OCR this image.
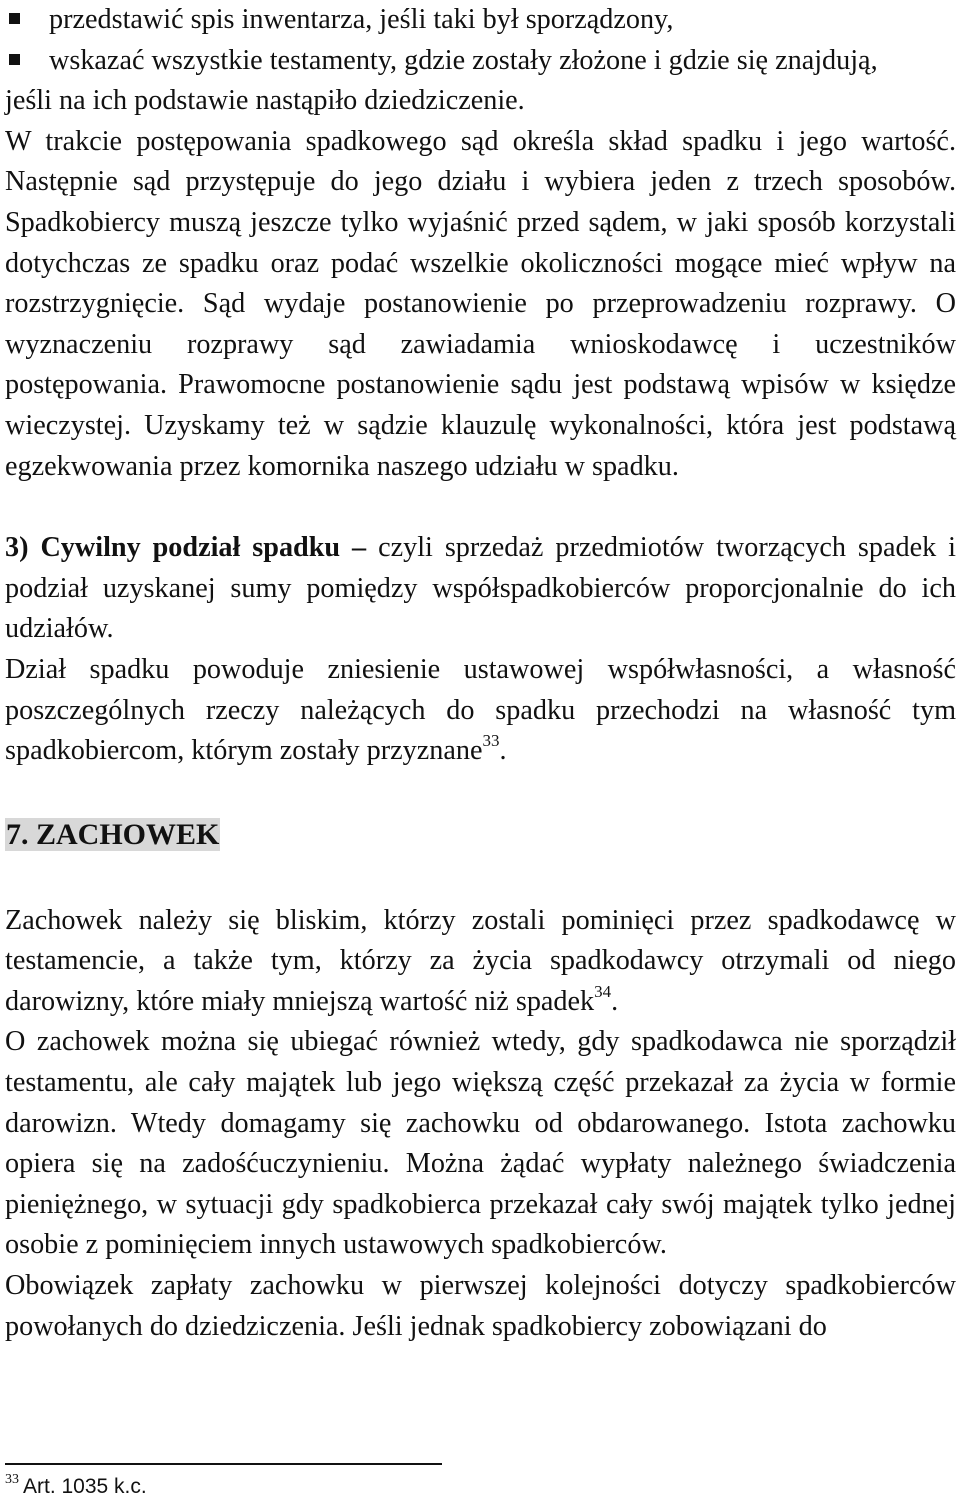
przedstawić spis inwentarza, jeśli taki był sporządzony,
wskazać wszystkie testamenty, gdzie zostały złożone i gdzie się znajdują,
jeśli na ich podstawie nastąpiło dziedziczenie.

W trakcie postępowania spadkowego sąd określa skład spadku i jego wartość. Następnie sąd przystępuje do jego działu i wybiera jeden z trzech sposobów. Spadkobiercy muszą jeszcze tylko wyjaśnić przed sądem, w jaki sposób korzystali dotychczas ze spadku oraz podać wszelkie okoliczności mogące mieć wpływ na rozstrzygnięcie. Sąd wydaje postanowienie po przeprowadzeniu rozprawy. O wyznaczeniu rozprawy sąd zawiadamia wnioskodawcę i uczestników postępowania. Prawomocne postanowienie sądu jest podstawą wpisów w księdze wieczystej. Uzyskamy też w sądzie klauzulę wykonalności, która jest podstawą egzekwowania przez komornika naszego udziału w spadku.

3) Cywilny podział spadku – czyli sprzedaż przedmiotów tworzących spadek i podział uzyskanej sumy pomiędzy współspadkobierców proporcjonalnie do ich udziałów.

Dział spadku powoduje zniesienie ustawowej współwłasności, a własność poszczególnych rzeczy należących do spadku przechodzi na własność tym spadkobiercom, którym zostały przyznane$^{33}$.

7. ZACHOWEK

Zachowek należy się bliskim, którzy zostali pominięci przez spadkodawcę w testamencie, a także tym, którzy za życia spadkodawcy otrzymali od niego darowizny, które miały mniejszą wartość niż spadek$^{34}$.

O zachowek można się ubiegać również wtedy, gdy spadkodawca nie sporządził testamentu, ale cały majątek lub jego większą część przekazał za życia w formie darowizn. Wtedy domagamy się zachowku od obdarowanego. Istota zachowku opiera się na zadośćuczynieniu. Można żądać wypłaty należnego świadczenia pieniężnego, w sytuacji gdy spadkobierca przekazał cały swój majątek tylko jednej osobie z pominięciem innych ustawowych spadkobierców.

Obowiązek zapłaty zachowku w pierwszej kolejności dotyczy spadkobierców powołanych do dziedziczenia. Jeśli jednak spadkobiercy zobowiązani do

$^{33}$ Art. 1035 k.c.
